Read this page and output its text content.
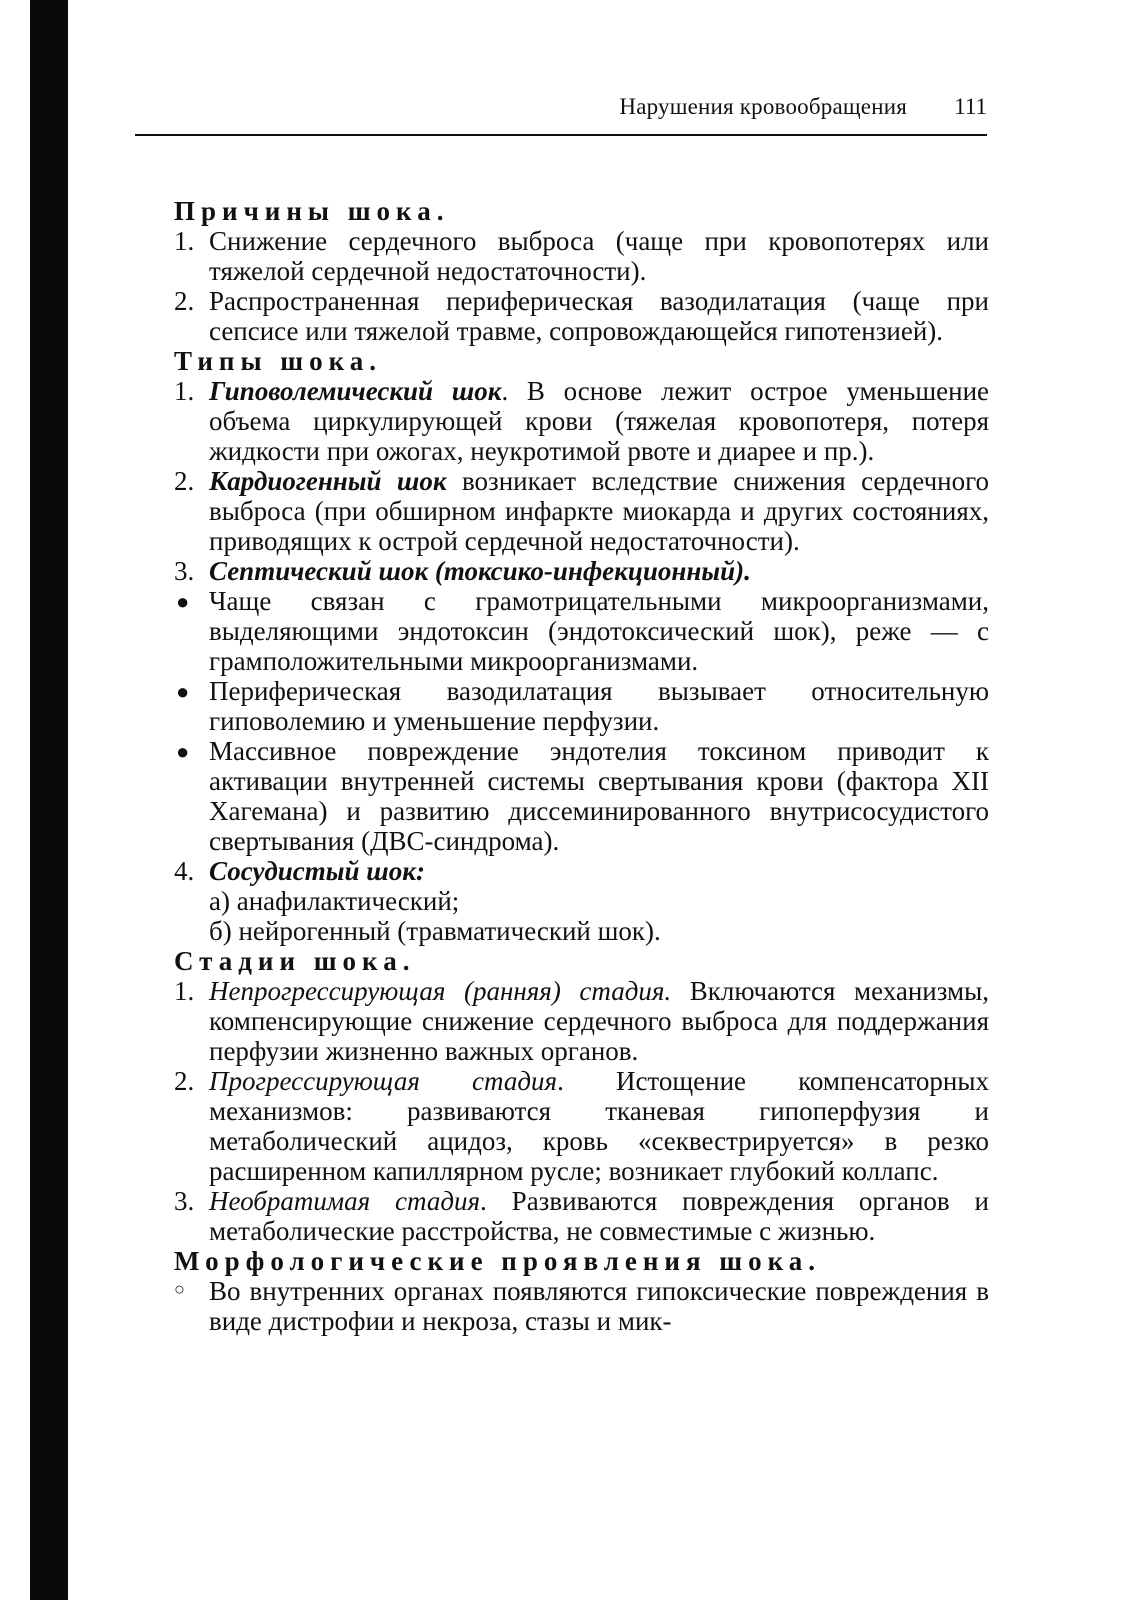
Нарушения кровообращения 111

Причины шока.

1. Снижение сердечного выброса (чаще при кровопотерях или тяжелой сердечной недостаточности).
2. Распространенная периферическая вазодилатация (чаще при сепсисе или тяжелой травме, сопровождающейся гипотензией).

Типы шока.

1. Гиповолемический шок. В основе лежит острое уменьшение объема циркулирующей крови (тяжелая кровопотеря, потеря жидкости при ожогах, неукротимой рвоте и диарее и пр.).
2. Кардиогенный шок возникает вследствие снижения сердечного выброса (при обширном инфаркте миокарда и других состояниях, приводящих к острой сердечной недостаточности).
3. Септический шок (токсико-инфекционный).
● Чаще связан с грамотрицательными микроорганизмами, выделяющими эндотоксин (эндотоксический шок), реже — с грамположительными микроорганизмами.
● Периферическая вазодилатация вызывает относительную гиповолемию и уменьшение перфузии.
● Массивное повреждение эндотелия токсином приводит к активации внутренней системы свертывания крови (фактора XII Хагемана) и развитию диссеминированного внутрисосудистого свертывания (ДВС-синдрома).
4. Сосудистый шок:
а) анафилактический;
б) нейрогенный (травматический шок).

Стадии шока.

1. Непрогрессирующая (ранняя) стадия. Включаются механизмы, компенсирующие снижение сердечного выброса для поддержания перфузии жизненно важных органов.
2. Прогрессирующая стадия. Истощение компенсаторных механизмов: развиваются тканевая гипоперфузия и метаболический ацидоз, кровь «секвестрируется» в резко расширенном капиллярном русле; возникает глубокий коллапс.
3. Необратимая стадия. Развиваются повреждения органов и метаболические расстройства, не совместимые с жизнью.

Морфологические проявления шока.

○ Во внутренних органах появляются гипоксические повреждения в виде дистрофии и некроза, стазы и мик-
